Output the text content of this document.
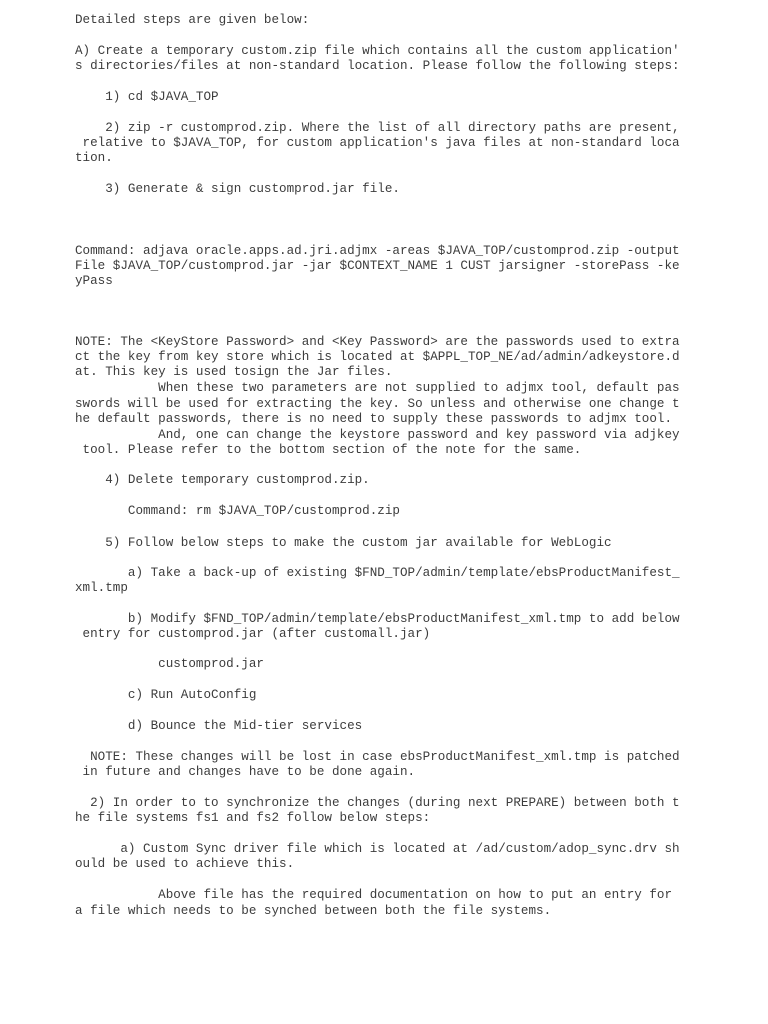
Detailed steps are given below:
A) Create a temporary custom.zip file which contains all the custom application'
s directories/files at non-standard location. Please follow the following steps:
1) cd $JAVA_TOP
2) zip -r customprod.zip. Where the list of all directory paths are present,
relative to $JAVA_TOP, for custom application's java files at non-standard loca
tion.
3) Generate & sign customprod.jar file.
Command: adjava oracle.apps.ad.jri.adjmx -areas $JAVA_TOP/customprod.zip -output
File $JAVA_TOP/customprod.jar -jar $CONTEXT_NAME 1 CUST jarsigner -storePass -ke
yPass
NOTE: The <KeyStore Password> and <Key Password> are the passwords used to extra
ct the key from key store which is located at $APPL_TOP_NE/ad/admin/adkeystore.d
at. This key is used tosign the Jar files.
When these two parameters are not supplied to adjmx tool, default pas
swords will be used for extracting the key. So unless and otherwise one change t
he default passwords, there is no need to supply these passwords to adjmx tool.
And, one can change the keystore password and key password via adjkey
tool. Please refer to the bottom section of the note for the same.
4) Delete temporary customprod.zip.
Command: rm $JAVA_TOP/customprod.zip
5) Follow below steps to make the custom jar available for WebLogic
a) Take a back-up of existing $FND_TOP/admin/template/ebsProductManifest_
xml.tmp
b) Modify $FND_TOP/admin/template/ebsProductManifest_xml.tmp to add below
entry for customprod.jar (after customall.jar)
customprod.jar
c) Run AutoConfig
d) Bounce the Mid-tier services
NOTE: These changes will be lost in case ebsProductManifest_xml.tmp is patched
in future and changes have to be done again.
2) In order to to synchronize the changes (during next PREPARE) between both t
he file systems fs1 and fs2 follow below steps:
a) Custom Sync driver file which is located at /ad/custom/adop_sync.drv sh
ould be used to achieve this.
Above file has the required documentation on how to put an entry for
a file which needs to be synched between both the file systems.
